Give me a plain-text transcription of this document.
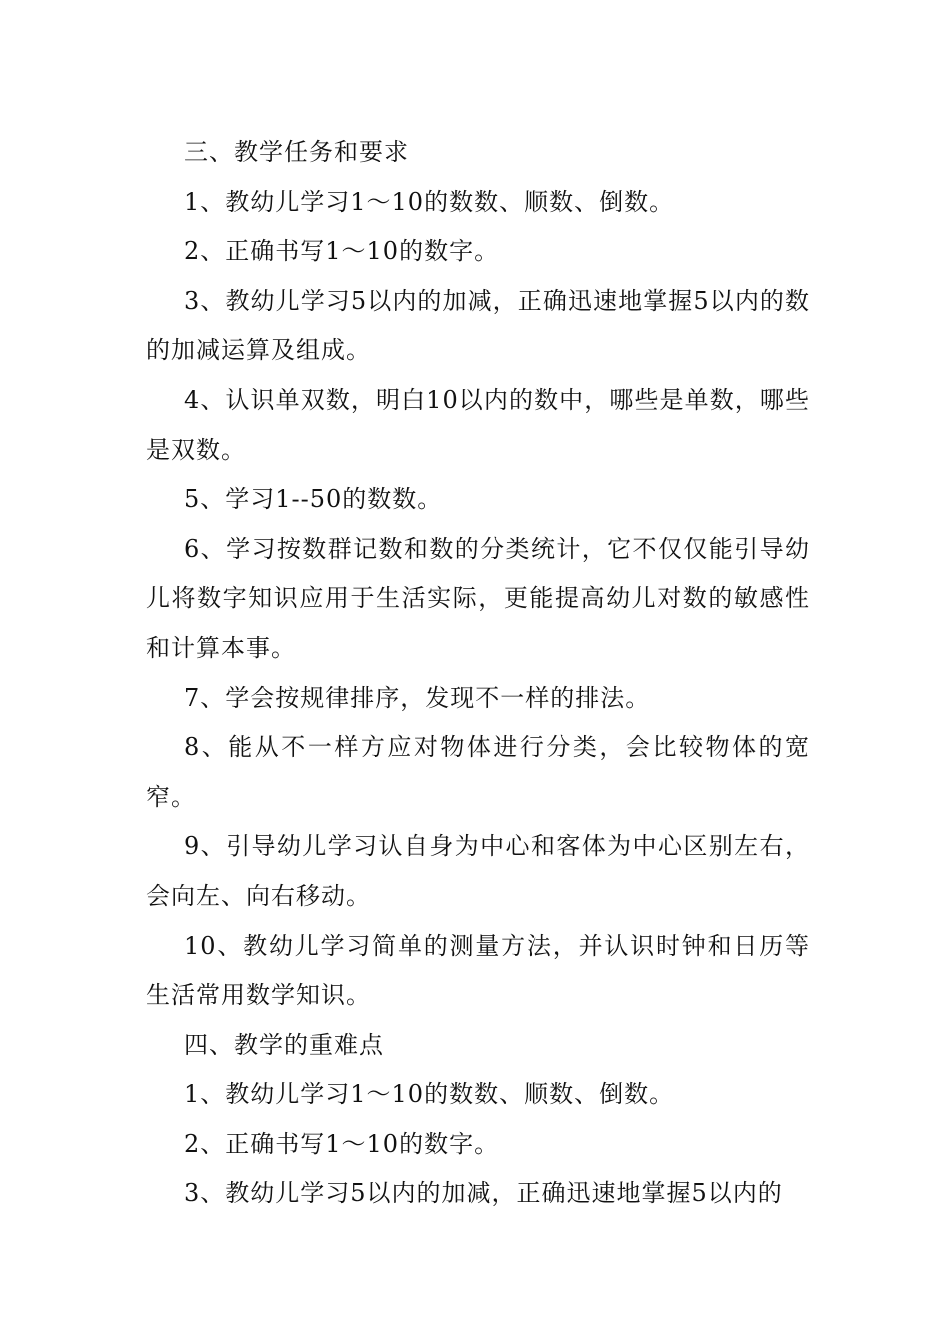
三、教学任务和要求

1、教幼儿学习1～10的数数、顺数、倒数。

2、正确书写1～10的数字。

3、教幼儿学习5以内的加减，正确迅速地掌握5以内的数的加减运算及组成。

4、认识单双数，明白10以内的数中，哪些是单数，哪些是双数。

5、学习1--50的数数。

6、学习按数群记数和数的分类统计，它不仅仅能引导幼儿将数字知识应用于生活实际，更能提高幼儿对数的敏感性和计算本事。

7、学会按规律排序，发现不一样的排法。

8、能从不一样方应对物体进行分类，会比较物体的宽窄。

9、引导幼儿学习认自身为中心和客体为中心区别左右，会向左、向右移动。

10、教幼儿学习简单的测量方法，并认识时钟和日历等生活常用数学知识。

四、教学的重难点

1、教幼儿学习1～10的数数、顺数、倒数。

2、正确书写1～10的数字。

3、教幼儿学习5以内的加减，正确迅速地掌握5以内的
